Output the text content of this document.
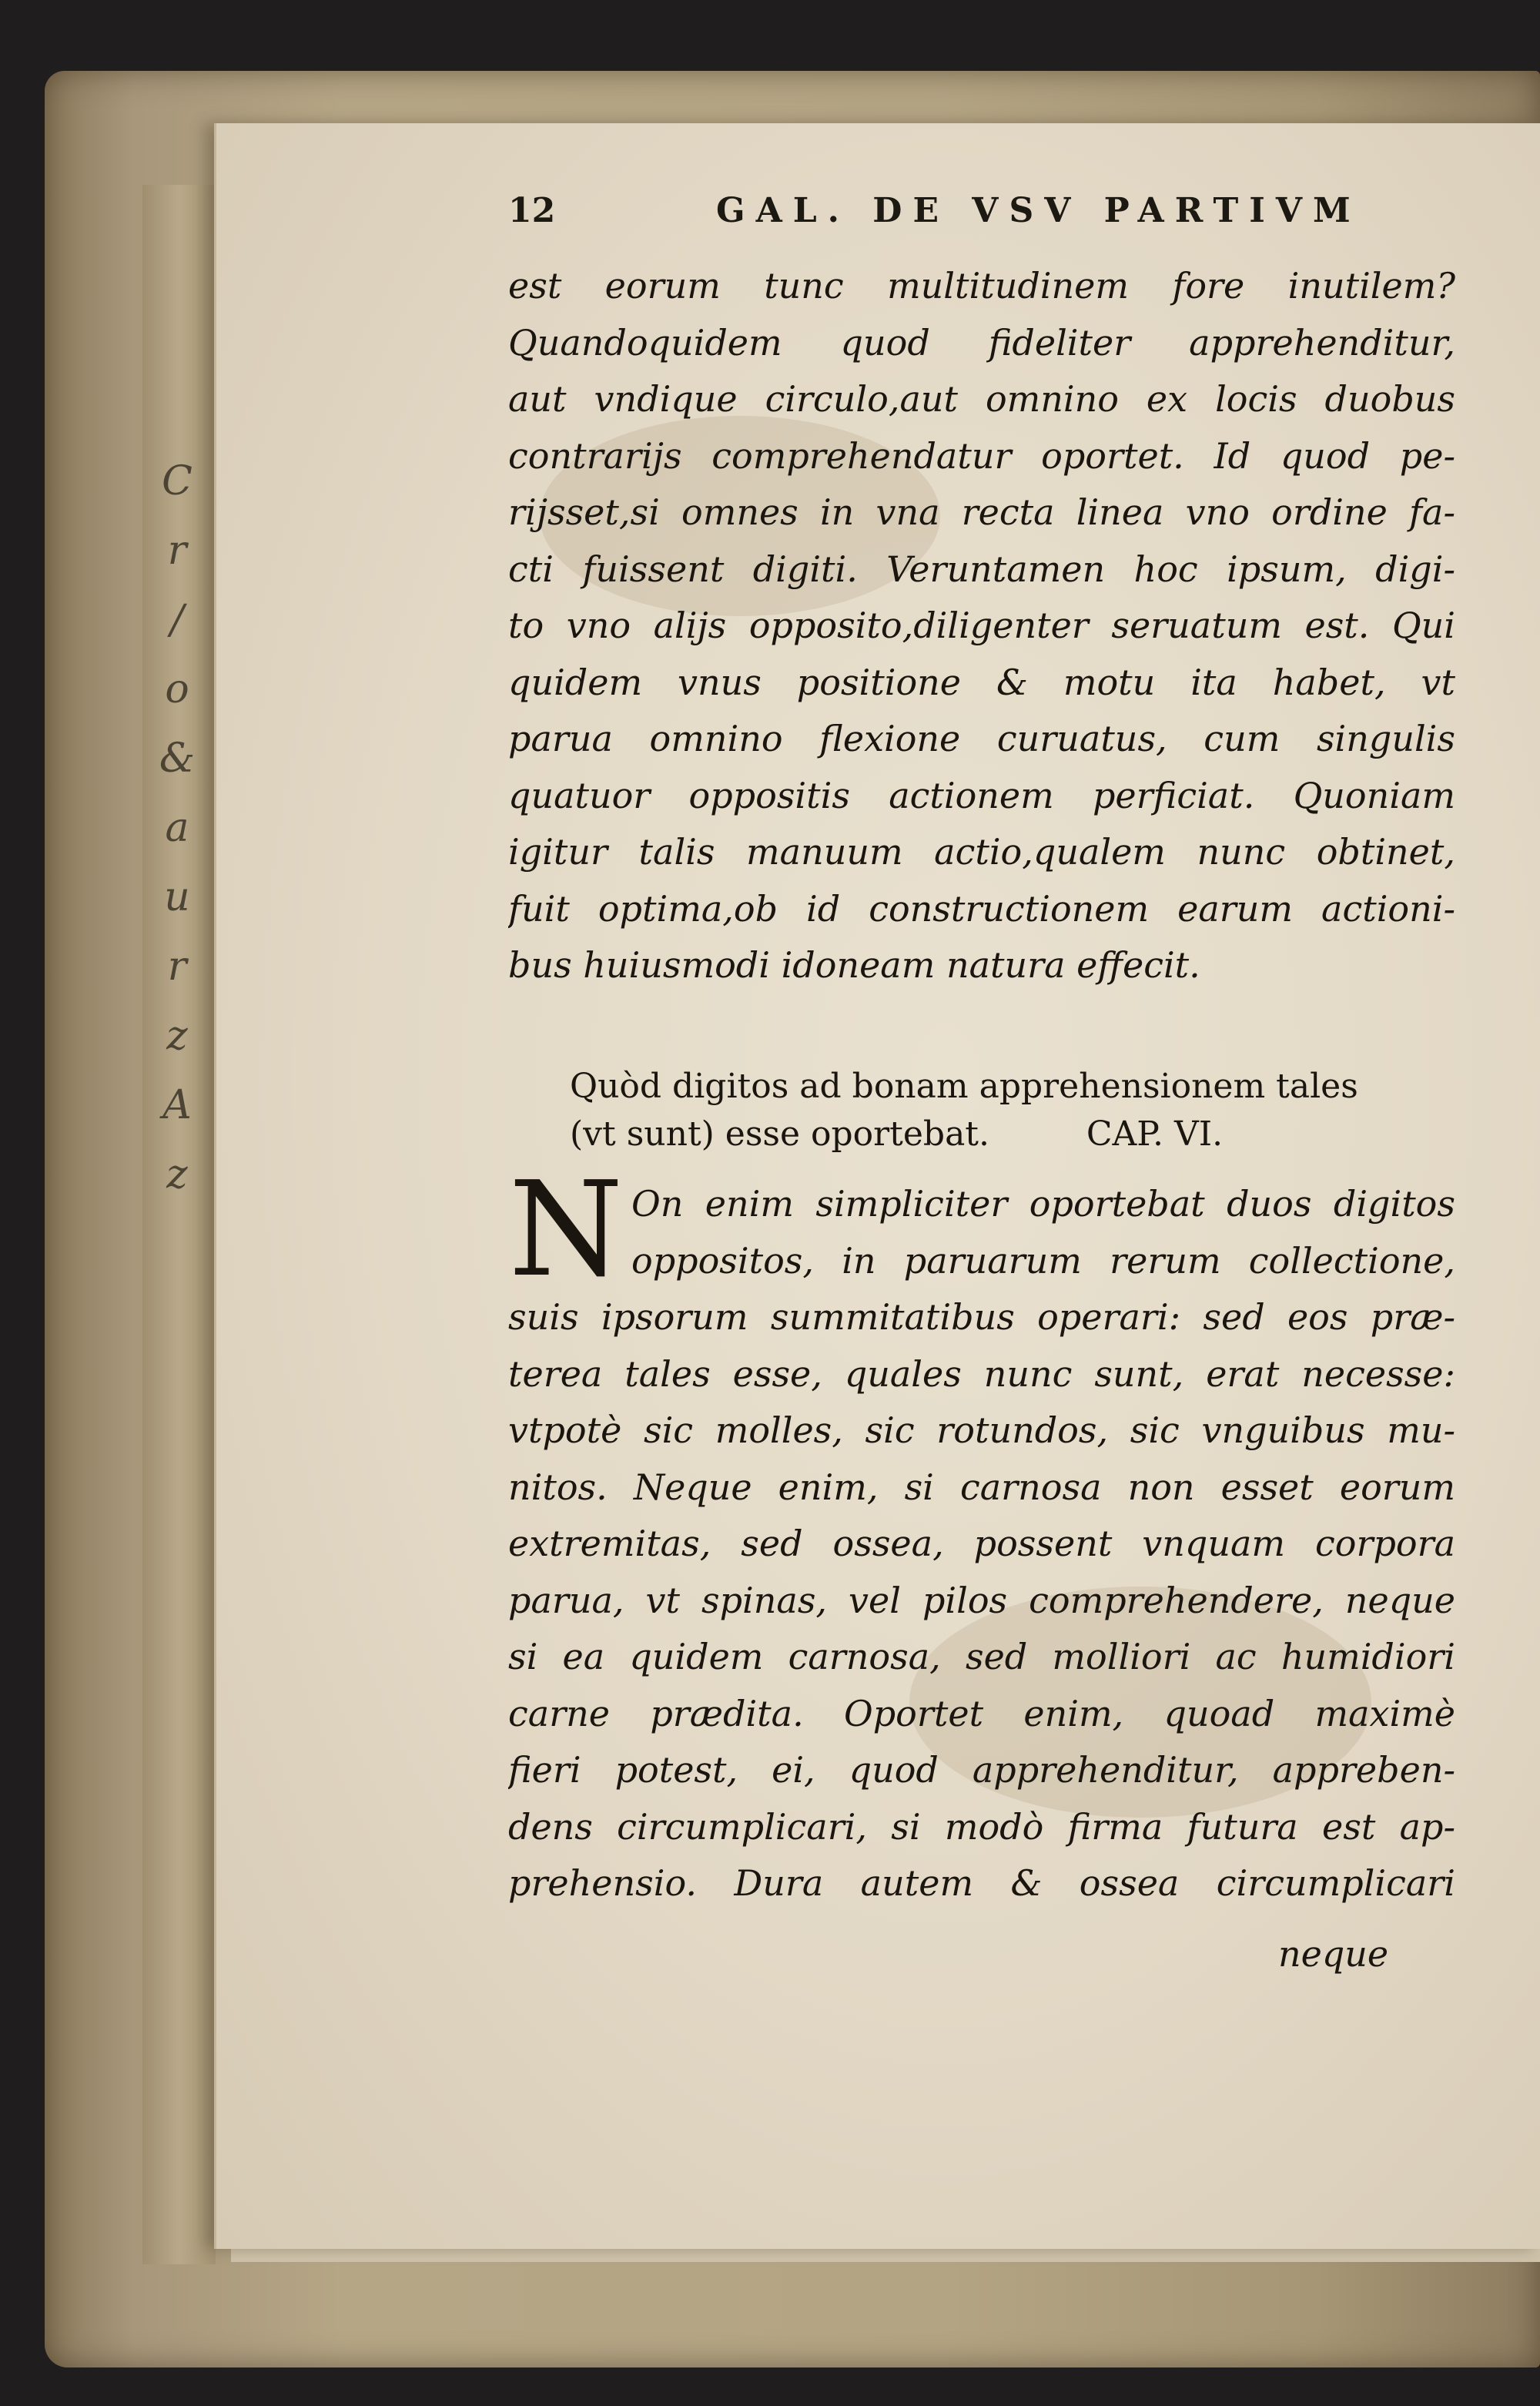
C
r
/
o
&
a
u
r
z
A
z
12	GAL. DE VSV PARTIVM
est eorum tunc multitudinem fore inutilem?
Quandoquidem quod fideliter apprehenditur,
aut vndique circulo,aut omnino ex locis duobus
contrarijs comprehendatur oportet. Id quod pe-
rijsset,si omnes in vna recta linea vno ordine fa-
cti fuissent digiti. Veruntamen hoc ipsum, digi-
to vno alijs opposito,diligenter seruatum est. Qui
quidem vnus positione & motu ita habet, vt
parua omnino flexione curuatus, cum singulis
quatuor oppositis actionem perficiat. Quoniam
igitur talis manuum actio,qualem nunc obtinet,
fuit optima,ob id constructionem earum actioni-
bus huiusmodi idoneam natura effecit.
Quòd digitos ad bonam apprehensionem tales
(vt sunt) esse oportebat.         CAP. VI.
N On enim simpliciter oportebat duos digitos
oppositos, in paruarum rerum collectione,
suis ipsorum summitatibus operari: sed eos præ-
terea tales esse, quales nunc sunt, erat necesse:
vtpotè sic molles, sic rotundos, sic vnguibus mu-
nitos. Neque enim, si carnosa non esset eorum
extremitas, sed ossea, possent vnquam corpora
parua, vt spinas, vel pilos comprehendere, neque
si ea quidem carnosa, sed molliori ac humidiori
carne prædita. Oportet enim, quoad maximè
fieri potest, ei, quod apprehenditur, appreben-
dens circumplicari, si modò firma futura est ap-
prehensio. Dura autem & ossea circumplicari
neque
